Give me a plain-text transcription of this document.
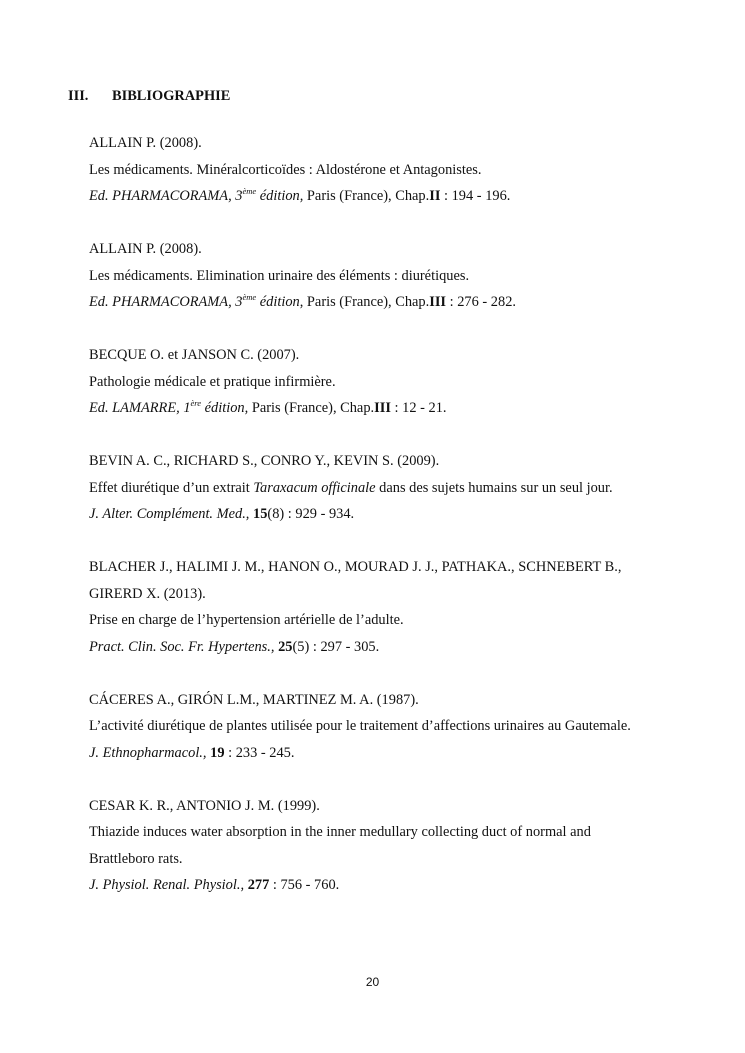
III. BIBLIOGRAPHIE
ALLAIN P. (2008).
Les médicaments. Minéralcorticoïdes : Aldostérone et Antagonistes.
Ed. PHARMACORAMA, 3ème édition, Paris (France), Chap.II : 194 - 196.
ALLAIN P. (2008).
Les médicaments. Elimination urinaire des éléments : diurétiques.
Ed. PHARMACORAMA, 3ème édition, Paris (France), Chap.III : 276 - 282.
BECQUE O. et JANSON C. (2007).
Pathologie médicale et pratique infirmière.
Ed. LAMARRE, 1ère édition, Paris (France), Chap.III : 12 - 21.
BEVIN A. C., RICHARD S., CONRO Y., KEVIN S. (2009).
Effet diurétique d’un extrait Taraxacum officinale dans des sujets humains sur un seul jour.
J. Alter. Complément. Med., 15(8) : 929 - 934.
BLACHER J., HALIMI J. M., HANON O., MOURAD J. J., PATHAKA., SCHNEBERT B.,
GIRERD X. (2013).
Prise en charge de l’hypertension artérielle de l’adulte.
Pract. Clin. Soc. Fr. Hypertens., 25(5) : 297 - 305.
CÁCERES A., GIRÓN L.M., MARTINEZ M. A. (1987).
L’activité diurétique de plantes utilisée pour le traitement d’affections urinaires au Gautemale.
J. Ethnopharmacol., 19 : 233 - 245.
CESAR K. R., ANTONIO J. M. (1999).
Thiazide induces water absorption in the inner medullary collecting duct of normal and
Brattleboro rats.
J. Physiol. Renal. Physiol., 277 : 756 - 760.
20
